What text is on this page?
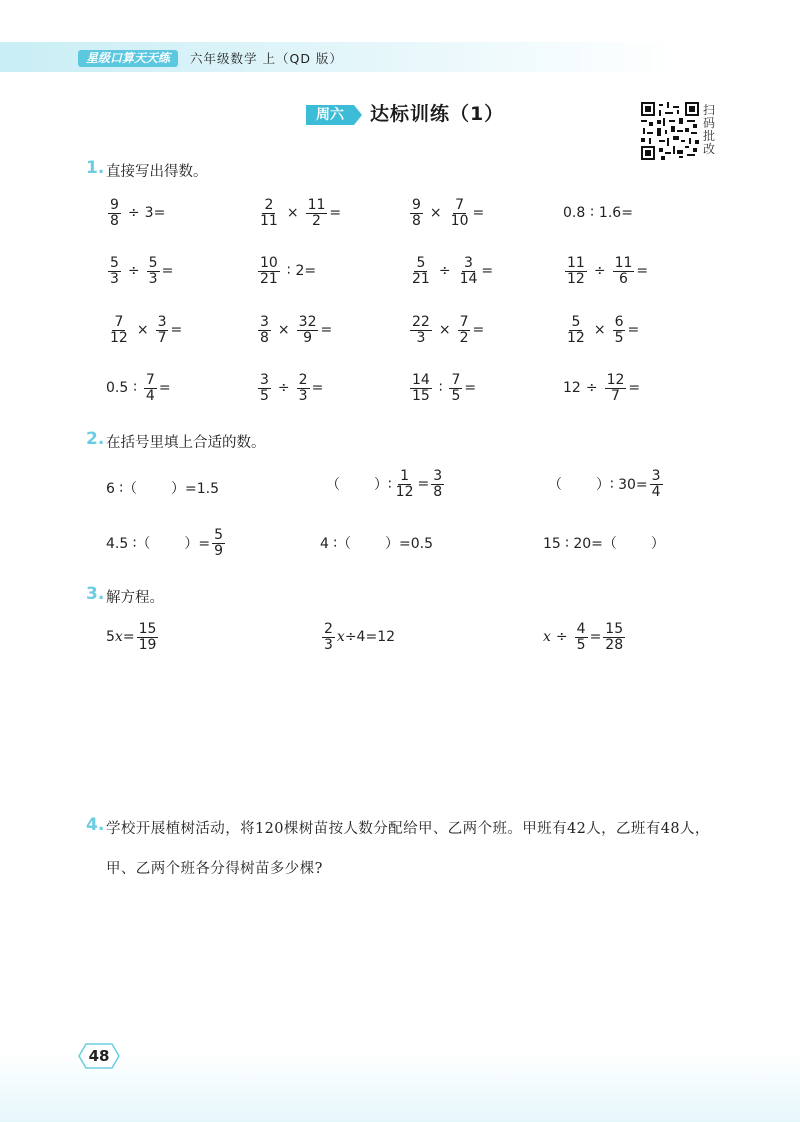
星级口算天天练	六年级数学 上（QD 版）
周六	达标训练（1）	扫码批改
1. 直接写出得数。
$\frac{9}{8} \div 3$ =	$\frac{2}{11} \times \frac{11}{2}$ =	$\frac{9}{8} \times \frac{7}{10}$ =	0.8 ∶ 1.6 =
$\frac{5}{3} \div \frac{5}{3}$ =	$\frac{10}{21}$ ∶ 2 =	$\frac{5}{21} \div \frac{3}{14}$ =	$\frac{11}{12} \div \frac{11}{6}$ =
$\frac{7}{12} \times \frac{3}{7}$ =	$\frac{3}{8} \times \frac{32}{9}$ =	$\frac{22}{3} \times \frac{7}{2}$ =	$\frac{5}{12} \times \frac{6}{5}$ =
0.5 ∶ $\frac{7}{4}$ =	$\frac{3}{5} \div \frac{2}{3}$ =	$\frac{14}{15}$ ∶ $\frac{7}{5}$ =	$12 \div \frac{12}{7}$ =
2. 在括号里填上合适的数。
6 ∶（ ）=1.5	（ ）∶ $\frac{1}{12} = \frac{3}{8}$	（ ）∶ $30= \frac{3}{4}$
4.5 ∶（ ）= $\frac{5}{9}$	4 ∶（ ）=0.5	15 ∶ 20=（ ）
3. 解方程。
5 $x = \frac{15}{19}$	$\frac{2}{3}$ x ÷4=12	$x \div \frac{4}{5} = \frac{15}{28}$
4. 学校开展植树活动，将120棵树苗按人数分配给甲、乙两个班。甲班有42人，乙班有48人，
甲、乙两个班各分得树苗多少棵?
48
